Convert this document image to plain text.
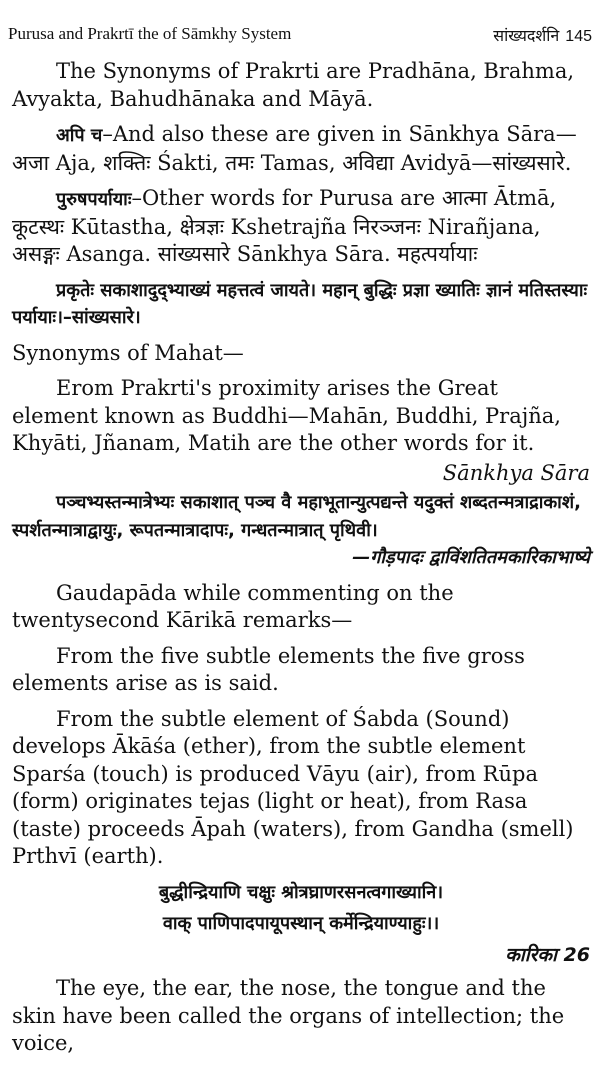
Purusa and Prakrtī the of Sāmkhy System	सांख्यदर्शनि 145

The Synonyms of Prakrti are Pradhāna, Brahma, Avyakta, Bahudhānaka and Māyā.

अपि च–And also these are given in Sānkhya Sāra— अजा Aja, शक्तिः Śakti, तमः Tamas, अविद्या Avidyā—सांख्यसारे.

पुरुषपर्यायाः–Other words for Purusa are आत्मा Ātmā, कूटस्थः Kūtastha, क्षेत्रज्ञः Kshetrajña निरञ्जनः Nirañjana, असङ्गः Asanga. सांख्यसारे Sānkhya Sāra. महत्पर्यायाः

प्रकृतेः सकाशादुद्भ्याख्यं महत्तत्वं जायते। महान् बुद्धिः प्रज्ञा ख्यातिः ज्ञानं मतिस्तस्याः पर्यायाः।–सांख्यसारे।

Synonyms of Mahat—

Erom Prakrti's proximity arises the Great element known as Buddhi—Mahān, Buddhi, Prajña, Khyāti, Jñanam, Matih are the other words for it.

Sānkhya Sāra

पञ्चभ्यस्तन्मात्रेभ्यः सकाशात् पञ्च वै महाभूतान्युत्पद्यन्ते यदुक्तं शब्दतन्मत्राद्राकाशं, स्पर्शतन्मात्राद्वायुः, रूपतन्मात्रादापः, गन्धतन्मात्रात् पृथिवी।

—गौड़पादः द्वाविंशतितमकारिकाभाष्ये

Gaudapāda while commenting on the twentysecond Kārikā remarks—

From the five subtle elements the five gross elements arise as is said.

From the subtle element of Śabda (Sound) develops Ākāśa (ether), from the subtle element Sparśa (touch) is produced Vāyu (air), from Rūpa (form) originates tejas (light or heat), from Rasa (taste) proceeds Āpah (waters), from Gandha (smell) Prthvī (earth).

बुद्धीन्द्रियाणि चक्षुः श्रोत्रघ्राणरसनत्वगाख्यानि।

वाक् पाणिपादपायूपस्थान् कर्मेन्द्रियाण्याहुः।।

कारिका 26

The eye, the ear, the nose, the tongue and the skin have been called the organs of intellection; the voice,
